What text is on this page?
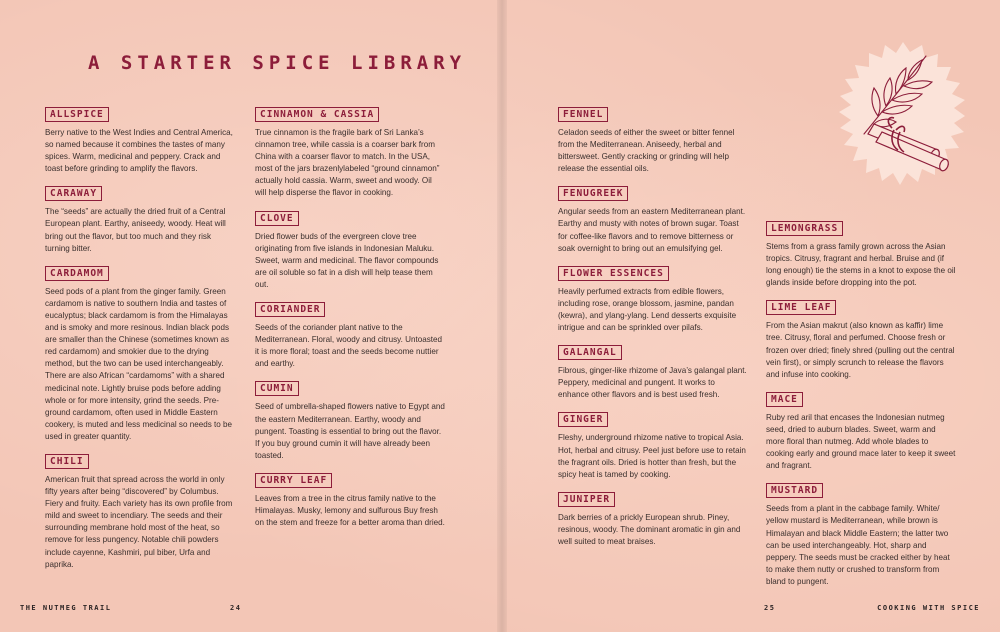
A STARTER SPICE LIBRARY
ALLSPICE

Berry native to the West Indies and Central America, so named because it combines the tastes of many spices. Warm, medicinal and peppery. Crack and toast before grinding to amplify the flavors.

CARAWAY

The “seeds” are actually the dried fruit of a Central European plant. Earthy, aniseedy, woody. Heat will bring out the flavor, but too much and they risk turning bitter.

CARDAMOM

Seed pods of a plant from the ginger family. Green cardamom is native to southern India and tastes of eucalyptus; black cardamom is from the Himalayas and is smoky and more resinous. Indian black pods are smaller than the Chinese (sometimes known as red cardamom) and smokier due to the drying method, but the two can be used interchangeably. There are also African “cardamoms” with a shared medicinal note. Lightly bruise pods before adding whole or for more intensity, grind the seeds. Pre-ground cardamom, often used in Middle Eastern cookery, is muted and less medicinal so needs to be used in greater quantity.

CHILI

American fruit that spread across the world in only fifty years after being “discovered” by Columbus. Fiery and fruity. Each variety has its own profile from mild and sweet to incendiary. The seeds and their surrounding membrane hold most of the heat, so remove for less pungency. Notable chili powders include cayenne, Kashmiri, pul biber, Urfa and paprika.

CINNAMON & CASSIA

True cinnamon is the fragile bark of Sri Lanka’s cinnamon tree, while cassia is a coarser bark from China with a coarser flavor to match. In the USA, most of the jars brazenlylabeled “ground cinnamon” actually hold cassia. Warm, sweet and woody. Oil will help disperse the flavor in cooking.

CLOVE

Dried flower buds of the evergreen clove tree originating from five islands in Indonesian Maluku. Sweet, warm and medicinal. The flavor compounds are oil soluble so fat in a dish will help tease them out.

CORIANDER

Seeds of the coriander plant native to the Mediterranean. Floral, woody and citrusy. Untoasted it is more floral; toast and the seeds become nuttier and earthy.

CUMIN

Seed of umbrella-shaped flowers native to Egypt and the eastern Mediterranean. Earthy, woody and pungent. Toasting is essential to bring out the flavor. If you buy ground cumin it will have already been toasted.

CURRY LEAF

Leaves from a tree in the citrus family native to the Himalayas. Musky, lemony and sulfurous Buy fresh on the stem and freeze for a better aroma than dried.

FENNEL

Celadon seeds of either the sweet or bitter fennel from the Mediterranean. Aniseedy, herbal and bittersweet. Gently cracking or grinding will help release the essential oils.

FENUGREEK

Angular seeds from an eastern Mediterranean plant. Earthy and musty with notes of brown sugar. Toast for coffee-like flavors and to remove bitterness or soak overnight to bring out an emulsifying gel.

FLOWER ESSENCES

Heavily perfumed extracts from edible flowers, including rose, orange blossom, jasmine, pandan (kewra), and ylang-ylang. Lend desserts exquisite intrigue and can be sprinkled over pilafs.

GALANGAL

Fibrous, ginger-like rhizome of Java’s galangal plant. Peppery, medicinal and pungent. It works to enhance other flavors and is best used fresh.

GINGER

Fleshy, underground rhizome native to tropical Asia. Hot, herbal and citrusy. Peel just before use to retain the fragrant oils. Dried is hotter than fresh, but the spicy heat is tamed by cooking.

JUNIPER

Dark berries of a prickly European shrub. Piney, resinous, woody. The dominant aromatic in gin and well suited to meat braises.

LEMONGRASS

Stems from a grass family grown across the Asian tropics. Citrusy, fragrant and herbal. Bruise and (if long enough) tie the stems in a knot to expose the oil glands inside before dropping into the pot.

LIME LEAF

From the Asian makrut (also known as kaffir) lime tree. Citrusy, floral and perfumed. Choose fresh or frozen over dried; finely shred (pulling out the central vein first), or simply scrunch to release the flavors and infuse into cooking.

MACE

Ruby red aril that encases the Indonesian nutmeg seed, dried to auburn blades. Sweet, warm and more floral than nutmeg. Add whole blades to cooking early and ground mace later to keep it sweet and fragrant.

MUSTARD

Seeds from a plant in the cabbage family. White/ yellow mustard is Mediterranean, while brown is Himalayan and black Middle Eastern; the latter two can be used interchangeably. Hot, sharp and peppery. The seeds must be cracked either by heat to make them nutty or crushed to transform from bland to pungent.

THE NUTMEG TRAIL	24	25	COOKING WITH SPICE
